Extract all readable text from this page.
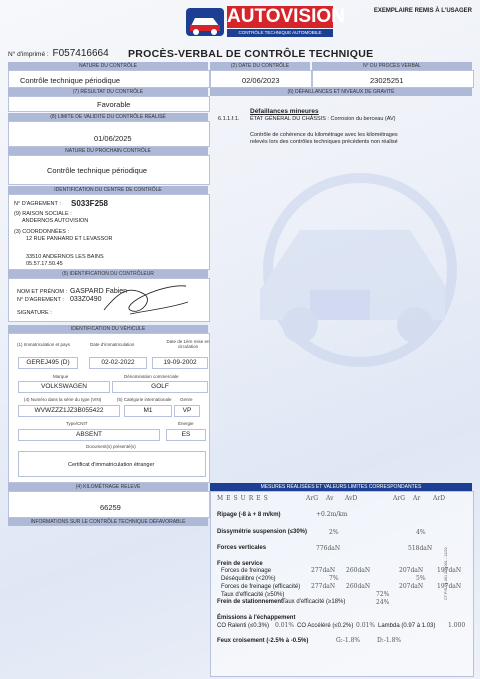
EXEMPLAIRE REMIS À L'USAGER
AUTOVISION
CONTRÔLE TECHNIQUE AUTOMOBILE
N° d'imprimé : F057416664 PROCÈS-VERBAL DE CONTRÔLE TECHNIQUE
NATURE DU CONTRÔLE
Contrôle technique périodique
(2) DATE DU CONTRÔLE
02/06/2023
N° DU PROCÈS VERBAL
23025251
(7) RÉSULTAT DU CONTRÔLE
Favorable
(8) LIMITE DE VALIDITÉ DU CONTRÔLE RÉALISÉ
01/06/2025
NATURE DU PROCHAIN CONTRÔLE
Contrôle technique périodique
IDENTIFICATION DU CENTRE DE CONTRÔLE
N° D'AGREMENT : S033F258
(9) RAISON SOCIALE :
ANDERNOS AUTOVISION
(3) COORDONNÉES :
12 RUE PANHARD ET LEVASSOR
33510 ANDERNOS LES BAINS
05.57.17.50.45
(5) IDENTIFICATION DU CONTRÔLEUR
NOM ET PRÉNOM : GASPARD Fabien
N° D'AGREMENT : 033Z0490
SIGNATURE :
IDENTIFICATION DU VÉHICULE
(1) Immatriculation et pays	Date d'immatriculation
Date de 1ère mise en circulation
GEREJ495 (D)	02-02-2022	19-09-2002
Marque	Dénomination commerciale
VOLKSWAGEN	GOLF
(4) Numéro dans la série du type (VIN)	(5) Catégorie internationale Genre
WVWZZZ1JZ3B055422	M1	VP
Type/CNIT	Énergie
ABSENT	ES
Document(s) présenté(s)
Certificat d'immatriculation étranger
(4) KILOMÉTRAGE RELEVÉ
66259
INFORMATIONS SUR LE CONTRÔLE TECHNIQUE DÉFAVORABLE
(6) DÉFAILLANCES ET NIVEAUX DE GRAVITÉ
Défaillances mineures
6.1.1.f.1. ÉTAT GÉNÉRAL DU CHÂSSIS : Corrosion du berceau (AV)
Contrôle de cohérence du kilométrage avec les kilométrages
relevés lors des contrôles techniques précédents non réalisé
MESURES RÉALISÉES ET VALEURS LIMITES CORRESPONDANTES
MESURES	ArG Av AvD	ArG Ar ArD
Ripage (-8 à + 8 m/km)	+0.2m/km
Dissymétrie suspension (≤30%)	2%	4%
Forces verticales	776daN	518daN
Frein de service
Forces de freinage	277daN 260daN	207daN 197daN
Déséquilibre (<20%)	7%	5%
Forces de freinage (efficacité) 277daN 260daN	207daN 197daN
Taux d'efficacité (≥50%)	72%
Frein de stationnement
Taux d'efficacité (≥18%)	24%
Émissions à l'échappement
CO Ralenti (≤0.3%) 0.01% CO Accéléré (≤0.2%) 0.01% Lambda (0.97 à 1.03) 1.000
Feux croisement (-2.5% à -0.5%)	G:-1.8%	D:-1.8%
CT P/S VL 001 206 001 - 12/22
